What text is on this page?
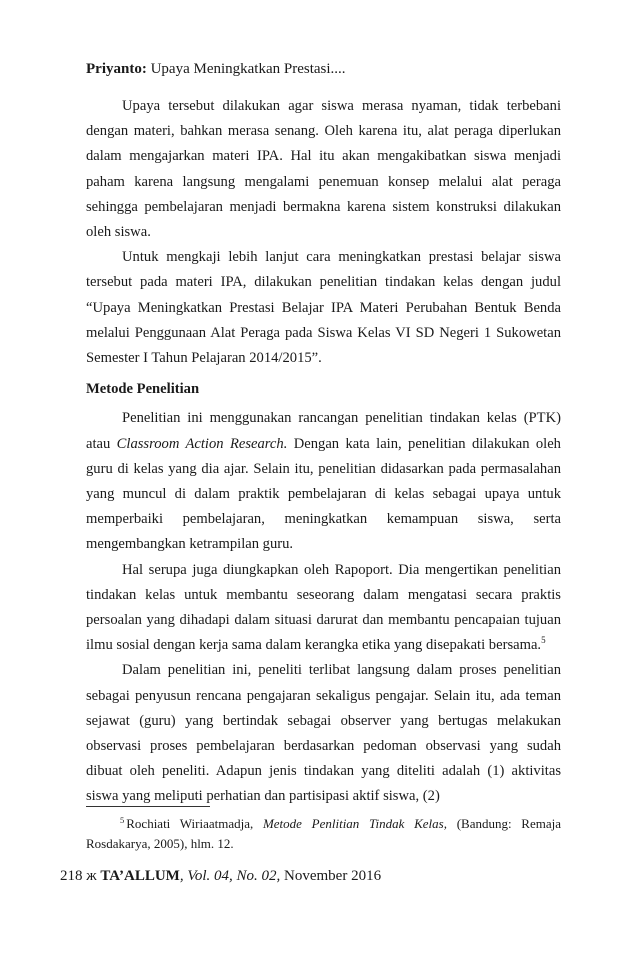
Priyanto: Upaya Meningkatkan Prestasi....

Upaya tersebut dilakukan agar siswa merasa nyaman, tidak terbebani dengan materi, bahkan merasa senang. Oleh karena itu, alat peraga diperlukan dalam mengajarkan materi IPA. Hal itu akan mengakibatkan siswa menjadi paham karena langsung mengalami penemuan konsep melalui alat peraga sehingga pembelajaran menjadi bermakna karena sistem konstruksi dilakukan oleh siswa.

Untuk mengkaji lebih lanjut cara meningkatkan prestasi belajar siswa tersebut pada materi IPA, dilakukan penelitian tindakan kelas dengan judul “Upaya Meningkatkan Prestasi Belajar IPA Materi Perubahan Bentuk Benda melalui Penggunaan Alat Peraga pada Siswa Kelas VI SD Negeri 1 Sukowetan Semester I Tahun Pelajaran 2014/2015”.

Metode Penelitian

Penelitian ini menggunakan rancangan penelitian tindakan kelas (PTK) atau Classroom Action Research. Dengan kata lain, penelitian dilakukan oleh guru di kelas yang dia ajar. Selain itu, penelitian didasarkan pada permasalahan yang muncul di dalam praktik pembelajaran di kelas sebagai upaya untuk memperbaiki pembelajaran, meningkatkan kemampuan siswa, serta mengembangkan ketrampilan guru.

Hal serupa juga diungkapkan oleh Rapoport. Dia mengertikan penelitian tindakan kelas untuk membantu seseorang dalam mengatasi secara praktis persoalan yang dihadapi dalam situasi darurat dan membantu pencapaian tujuan ilmu sosial dengan kerja sama dalam kerangka etika yang disepakati bersama.$^5$

Dalam penelitian ini, peneliti terlibat langsung dalam proses penelitian sebagai penyusun rencana pengajaran sekaligus pengajar. Selain itu, ada teman sejawat (guru) yang bertindak sebagai observer yang bertugas melakukan observasi proses pembelajaran berdasarkan pedoman observasi yang sudah dibuat oleh peneliti. Adapun jenis tindakan yang diteliti adalah (1) aktivitas siswa yang meliputi perhatian dan partisipasi aktif siswa, (2)

$^5$ Rochiati Wiriaatmadja, Metode Penlitian Tindak Kelas, (Bandung: Remaja Rosdakarya, 2005), hlm. 12.
218 ж TA’ALLUM, Vol. 04, No. 02, November 2016
